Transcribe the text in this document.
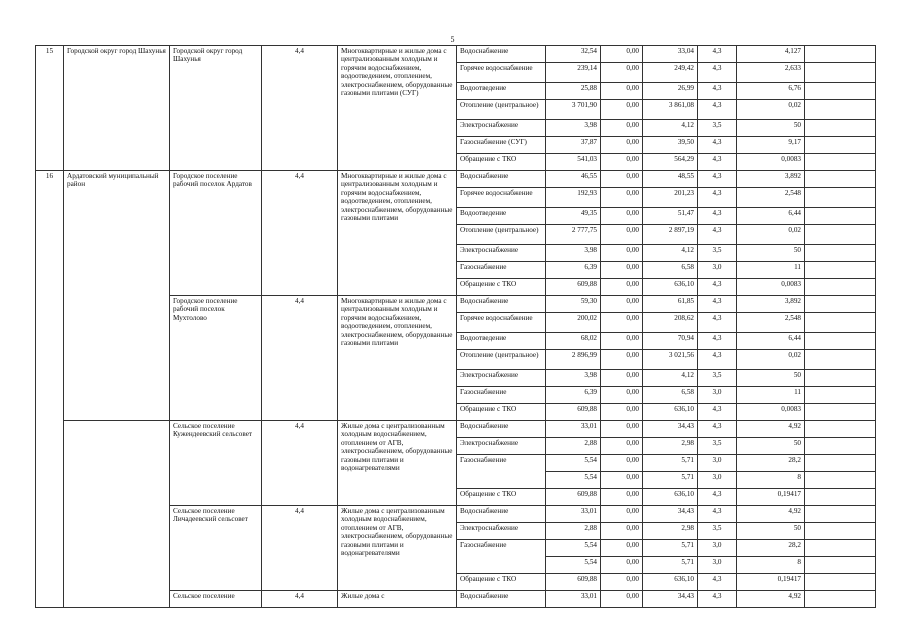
5
15	Городской округ город Шахунья	Городской округ город Шахунья	4,4	Многоквартирные и жилые дома с централизованным холодным и горячим водоснабжением, водоотведением, отоплением, электроснабжением, оборудованные газовыми плитами (СУГ)	Водоснабжение	32,54	0,00	33,04	4,3	4,127	
					Горячее водоснабжение	239,14	0,00	249,42	4,3	2,633	
					Водоотведение	25,88	0,00	26,99	4,3	6,76	
					Отопление (центральное)	3 701,90	0,00	3 861,08	4,3	0,02	
					Электроснабжение	3,98	0,00	4,12	3,5	50	
					Газоснабжение (СУГ)	37,87	0,00	39,50	4,3	9,17	
					Обращение с ТКО	541,03	0,00	564,29	4,3	0,0083	
16	Ардатовский муниципальный район	Городское поселение рабочий поселок Ардатов	4,4	Многоквартирные и жилые дома с централизованным холодным и горячим водоснабжением, водоотведением, отоплением, электроснабжением, оборудованные газовыми плитами	Водоснабжение	46,55	0,00	48,55	4,3	3,892	
					Горячее водоснабжение	192,93	0,00	201,23	4,3	2,548	
					Водоотведение	49,35	0,00	51,47	4,3	6,44	
					Отопление (центральное)	2 777,75	0,00	2 897,19	4,3	0,02	
					Электроснабжение	3,98	0,00	4,12	3,5	50	
					Газоснабжение	6,39	0,00	6,58	3,0	11	
					Обращение с ТКО	609,88	0,00	636,10	4,3	0,0083	
		Городское поселение рабочий поселок Мухтолово	4,4	Многоквартирные и жилые дома с централизованным холодным и горячим водоснабжением, водоотведением, отоплением, электроснабжением, оборудованные газовыми плитами	Водоснабжение	59,30	0,00	61,85	4,3	3,892	
					Горячее водоснабжение	200,02	0,00	208,62	4,3	2,548	
					Водоотведение	68,02	0,00	70,94	4,3	6,44	
					Отопление (центральное)	2 896,99	0,00	3 021,56	4,3	0,02	
					Электроснабжение	3,98	0,00	4,12	3,5	50	
					Газоснабжение	6,39	0,00	6,58	3,0	11	
					Обращение с ТКО	609,88	0,00	636,10	4,3	0,0083	
		Сельское поселение Кужендеевский сельсовет	4,4	Жилые дома с централизованным холодным водоснабжением, отоплением от АГВ, электроснабжением, оборудованные газовыми плитами и водонагревателями	Водоснабжение	33,01	0,00	34,43	4,3	4,92	
					Электроснабжение	2,88	0,00	2,98	3,5	50	
					Газоснабжение	5,54	0,00	5,71	3,0	28,2	
						5,54	0,00	5,71	3,0	8	
					Обращение с ТКО	609,88	0,00	636,10	4,3	0,19417	
		Сельское поселение Личадеевский сельсовет	4,4	Жилые дома с централизованным холодным водоснабжением, отоплением от АГВ, электроснабжением, оборудованные газовыми плитами и водонагревателями	Водоснабжение	33,01	0,00	34,43	4,3	4,92	
					Электроснабжение	2,88	0,00	2,98	3,5	50	
					Газоснабжение	5,54	0,00	5,71	3,0	28,2	
						5,54	0,00	5,71	3,0	8	
					Обращение с ТКО	609,88	0,00	636,10	4,3	0,19417	
		Сельское поселение	4,4	Жилые дома с	Водоснабжение	33,01	0,00	34,43	4,3	4,92	
